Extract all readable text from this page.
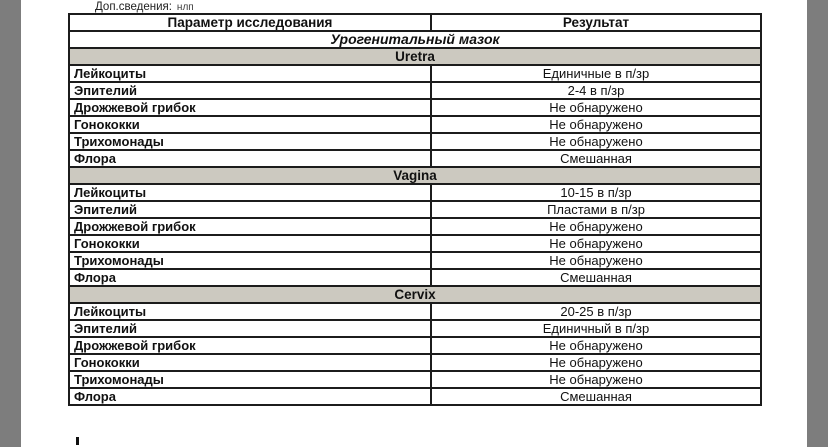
Доп.сведения: нлп
Параметр исследования	Результат
Урогенитальный мазок	
Uretra	
Лейкоциты	Единичные в п/зр
Эпителий	2-4 в п/зр
Дрожжевой грибок	Не обнаружено
Гонококки	Не обнаружено
Трихомонады	Не обнаружено
Флора	Смешанная
Vagina	
Лейкоциты	10-15 в п/зр
Эпителий	Пластами в п/зр
Дрожжевой грибок	Не обнаружено
Гонококки	Не обнаружено
Трихомонады	Не обнаружено
Флора	Смешанная
Cervix	
Лейкоциты	20-25 в п/зр
Эпителий	Единичный в п/зр
Дрожжевой грибок	Не обнаружено
Гонококки	Не обнаружено
Трихомонады	Не обнаружено
Флора	Смешанная
